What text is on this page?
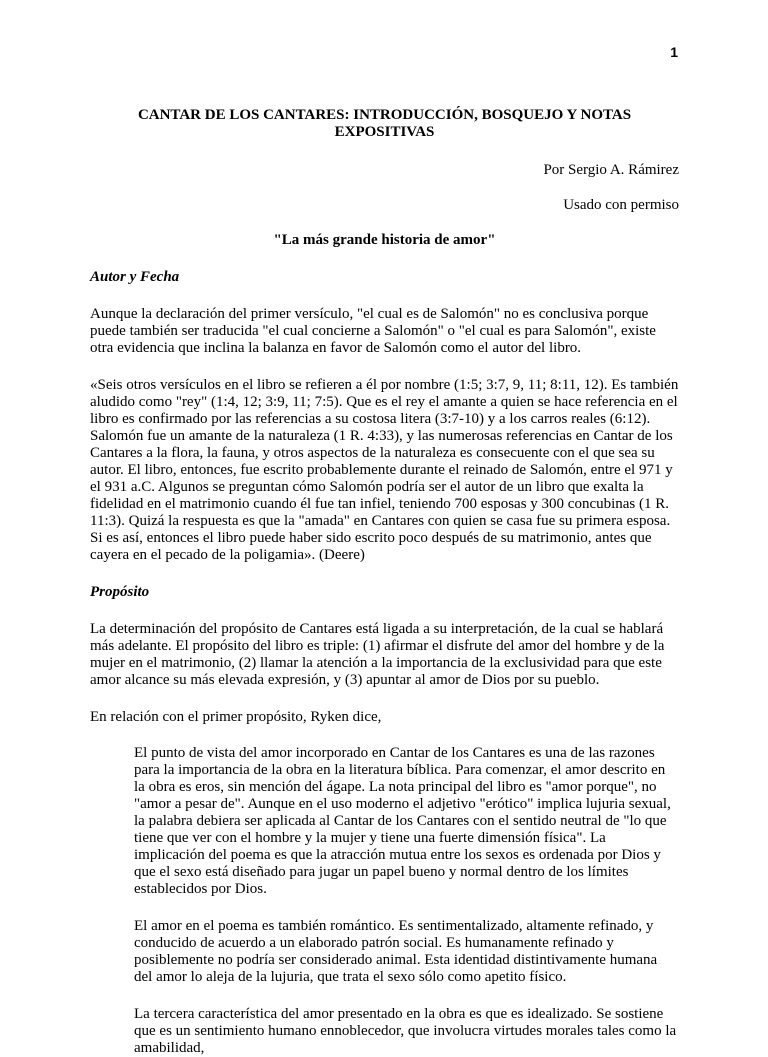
1
CANTAR DE LOS CANTARES: INTRODUCCIÓN, BOSQUEJO Y NOTAS EXPOSITIVAS

Por Sergio A. Rámirez

Usado con permiso

"La más grande historia de amor"

Autor y Fecha

Aunque la declaración del primer versículo, "el cual es de Salomón" no es conclusiva porque puede también ser traducida "el cual concierne a Salomón" o "el cual es para Salomón", existe otra evidencia que inclina la balanza en favor de Salomón como el autor del libro.

«Seis otros versículos en el libro se refieren a él por nombre (1:5; 3:7, 9, 11; 8:11, 12). Es también aludido como "rey" (1:4, 12; 3:9, 11; 7:5). Que es el rey el amante a quien se hace referencia en el libro es confirmado por las referencias a su costosa litera (3:7-10) y a los carros reales (6:12). Salomón fue un amante de la naturaleza (1 R. 4:33), y las numerosas referencias en Cantar de los Cantares a la flora, la fauna, y otros aspectos de la naturaleza es consecuente con el que sea su autor. El libro, entonces, fue escrito probablemente durante el reinado de Salomón, entre el 971 y el 931 a.C. Algunos se preguntan cómo Salomón podría ser el autor de un libro que exalta la fidelidad en el matrimonio cuando él fue tan infiel, teniendo 700 esposas y 300 concubinas (1 R. 11:3). Quizá la respuesta es que la "amada" en Cantares con quien se casa fue su primera esposa. Si es así, entonces el libro puede haber sido escrito poco después de su matrimonio, antes que cayera en el pecado de la poligamia». (Deere)

Propósito

La determinación del propósito de Cantares está ligada a su interpretación, de la cual se hablará más adelante. El propósito del libro es triple: (1) afirmar el disfrute del amor del hombre y de la mujer en el matrimonio, (2) llamar la atención a la importancia de la exclusividad para que este amor alcance su más elevada expresión, y (3) apuntar al amor de Dios por su pueblo.

En relación con el primer propósito, Ryken dice,

El punto de vista del amor incorporado en Cantar de los Cantares es una de las razones para la importancia de la obra en la literatura bíblica. Para comenzar, el amor descrito en la obra es eros, sin mención del ágape. La nota principal del libro es "amor porque", no "amor a pesar de". Aunque en el uso moderno el adjetivo "erótico" implica lujuria sexual, la palabra debiera ser aplicada al Cantar de los Cantares con el sentido neutral de "lo que tiene que ver con el hombre y la mujer y tiene una fuerte dimensión física". La implicación del poema es que la atracción mutua entre los sexos es ordenada por Dios y que el sexo está diseñado para jugar un papel bueno y normal dentro de los límites establecidos por Dios.

El amor en el poema es también romántico. Es sentimentalizado, altamente refinado, y conducido de acuerdo a un elaborado patrón social. Es humanamente refinado y posiblemente no podría ser considerado animal. Esta identidad distintivamente humana del amor lo aleja de la lujuria, que trata el sexo sólo como apetito físico.

La tercera característica del amor presentado en la obra es que es idealizado. Se sostiene que es un sentimiento humano ennoblecedor, que involucra virtudes morales tales como la amabilidad,
